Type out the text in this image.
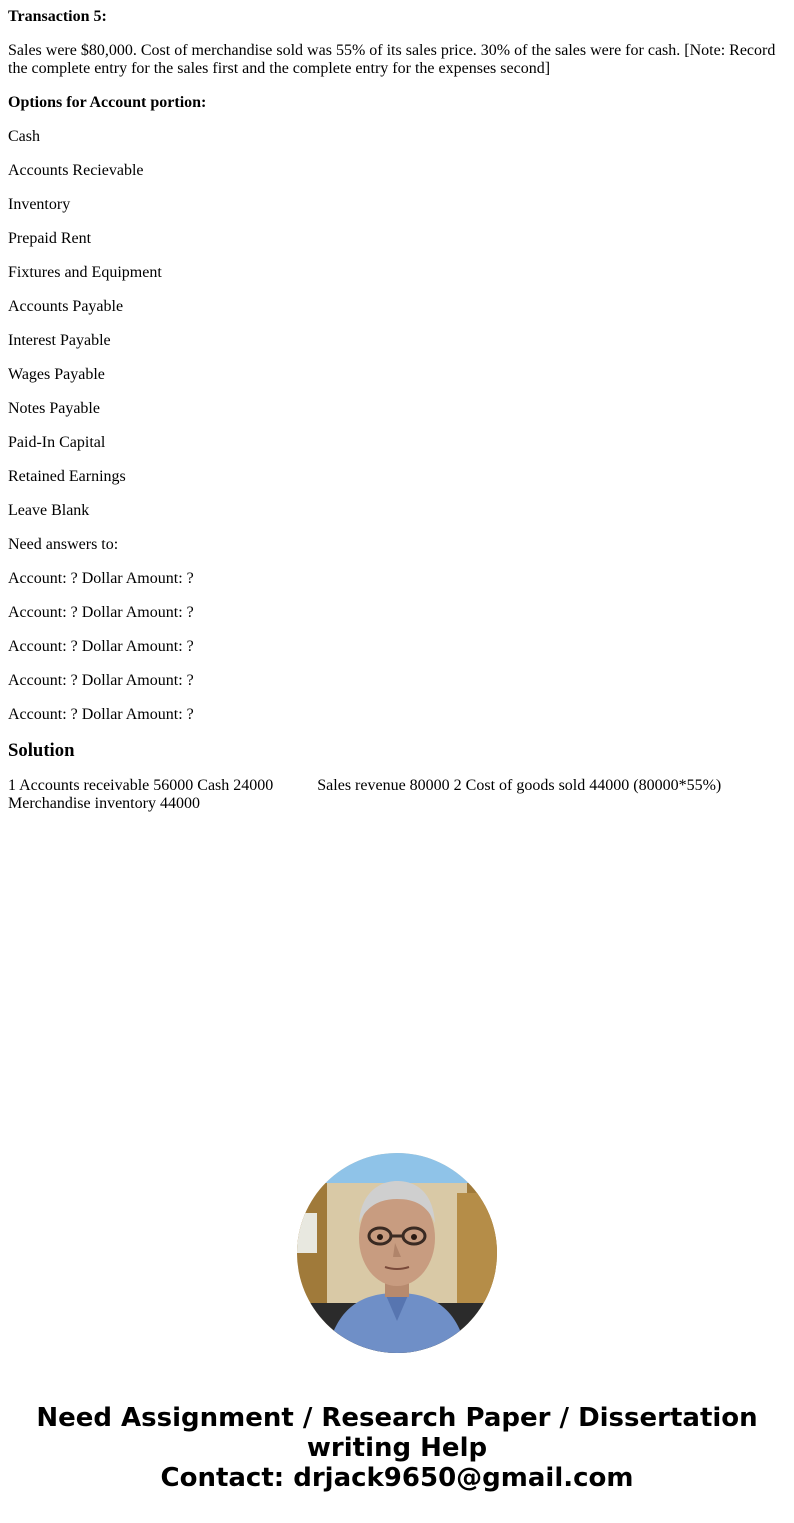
Transaction 5:

Sales were $80,000. Cost of merchandise sold was 55% of its sales price. 30% of the sales were for cash. [Note: Record the complete entry for the sales first and the complete entry for the expenses second]

Options for Account portion:

Cash

Accounts Recievable

Inventory

Prepaid Rent

Fixtures and Equipment

Accounts Payable

Interest Payable

Wages Payable

Notes Payable

Paid-In Capital

Retained Earnings

Leave Blank

Need answers to:

Account: ? Dollar Amount: ?

Account: ? Dollar Amount: ?

Account: ? Dollar Amount: ?

Account: ? Dollar Amount: ?

Account: ? Dollar Amount: ?

Solution

1 Accounts receivable 56000 Cash 24000           Sales revenue 80000 2 Cost of goods sold 44000 (80000*55%)  Merchandise inventory 44000

Need Assignment / Research Paper / Dissertation
writing Help
Contact: drjack9650@gmail.com
